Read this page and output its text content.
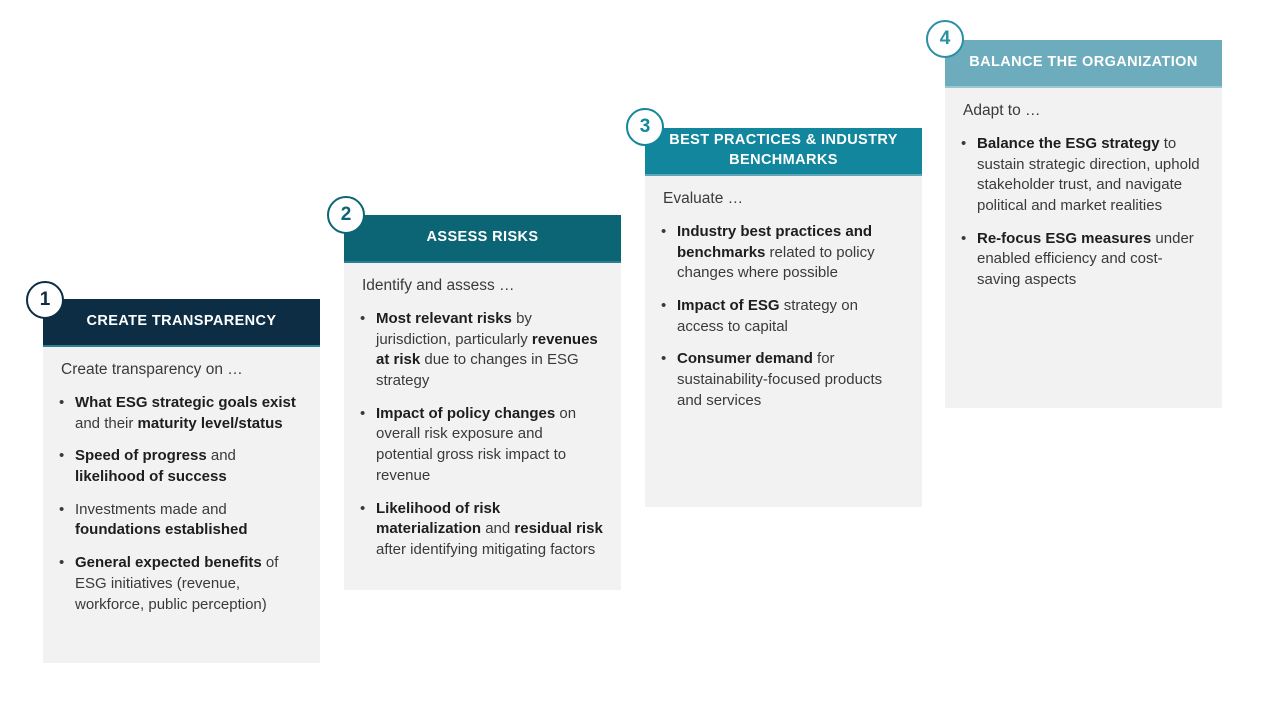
1
CREATE TRANSPARENCY

Create transparency on …

• What ESG strategic goals exist and their maturity level/status
• Speed of progress and likelihood of success
• Investments made and foundations established
• General expected benefits of ESG initiatives (revenue, workforce, public perception)
2
ASSESS RISKS

Identify and assess …

• Most relevant risks by jurisdiction, particularly revenues at risk due to changes in ESG strategy
• Impact of policy changes on overall risk exposure and potential gross risk impact to revenue
• Likelihood of risk materialization and residual risk after identifying mitigating factors
3
BEST PRACTICES & INDUSTRY BENCHMARKS

Evaluate …

• Industry best practices and benchmarks related to policy changes where possible
• Impact of ESG strategy on access to capital
• Consumer demand for sustainability-focused products and services
4
BALANCE THE ORGANIZATION

Adapt to …

• Balance the ESG strategy to sustain strategic direction, uphold stakeholder trust, and navigate political and market realities
• Re-focus ESG measures under enabled efficiency and cost-saving aspects
